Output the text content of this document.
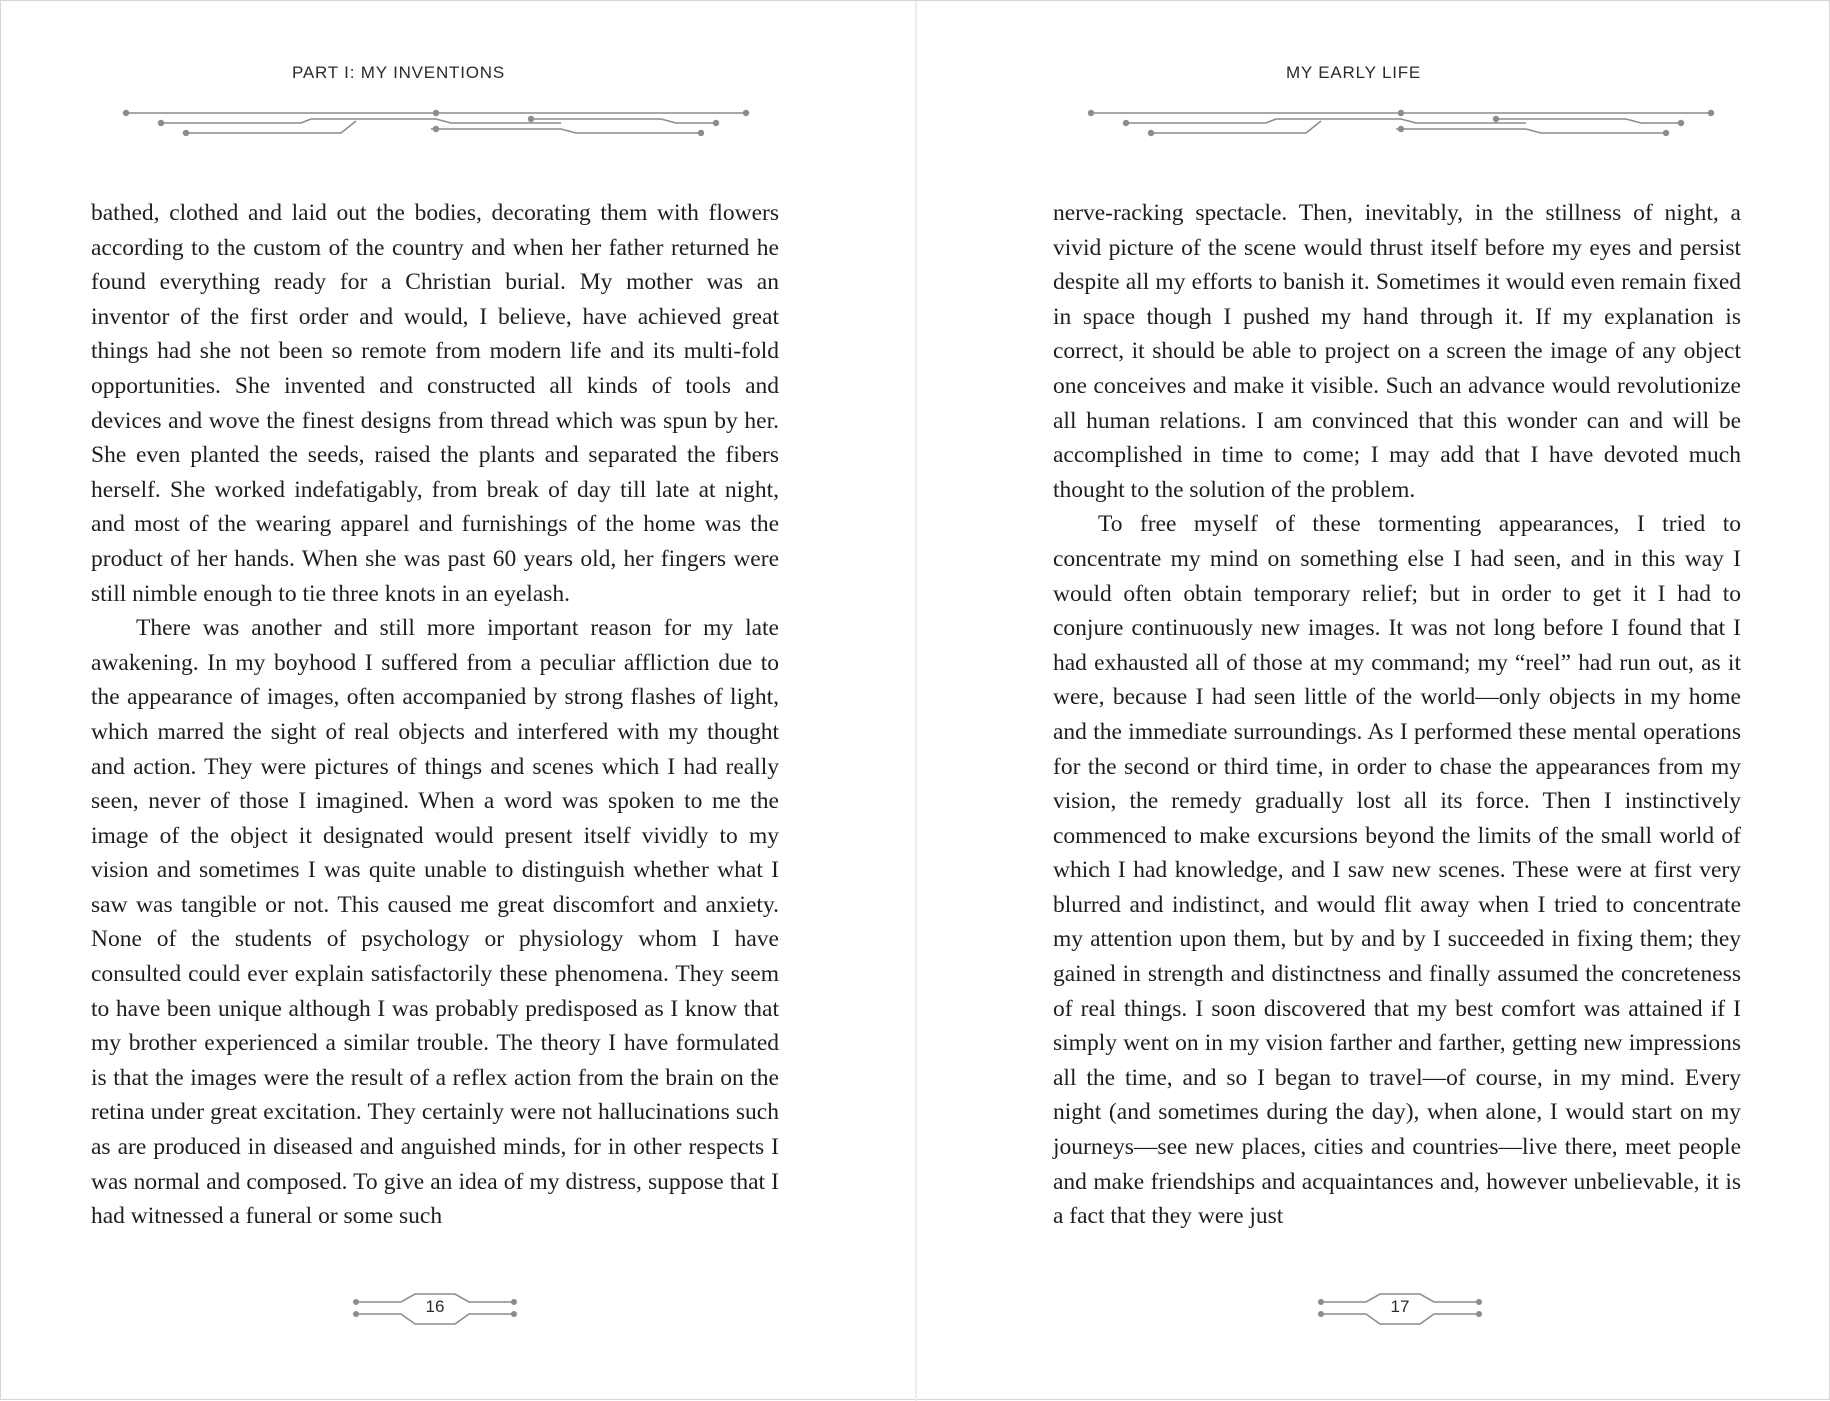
PART I: MY INVENTIONS

bathed, clothed and laid out the bodies, decorating them with flowers according to the custom of the country and when her father returned he found everything ready for a Christian burial. My mother was an inventor of the first order and would, I believe, have achieved great things had she not been so remote from modern life and its multi-fold opportunities. She invented and constructed all kinds of tools and devices and wove the finest designs from thread which was spun by her. She even planted the seeds, raised the plants and separated the fibers herself. She worked indefatigably, from break of day till late at night, and most of the wearing apparel and furnishings of the home was the product of her hands. When she was past 60 years old, her fingers were still nimble enough to tie three knots in an eyelash.

There was another and still more important reason for my late awakening. In my boyhood I suffered from a peculiar affliction due to the appearance of images, often accompanied by strong flashes of light, which marred the sight of real objects and interfered with my thought and action. They were pictures of things and scenes which I had really seen, never of those I imagined. When a word was spoken to me the image of the object it designated would present itself vividly to my vision and sometimes I was quite unable to distinguish whether what I saw was tangible or not. This caused me great discomfort and anxiety. None of the students of psychology or physiology whom I have consulted could ever explain satisfactorily these phenomena. They seem to have been unique although I was probably predisposed as I know that my brother experienced a similar trouble. The theory I have formulated is that the images were the result of a reflex action from the brain on the retina under great excitation. They certainly were not hallucinations such as are produced in diseased and anguished minds, for in other respects I was normal and composed. To give an idea of my distress, suppose that I had witnessed a funeral or some such

16
MY EARLY LIFE

nerve-racking spectacle. Then, inevitably, in the stillness of night, a vivid picture of the scene would thrust itself before my eyes and persist despite all my efforts to banish it. Sometimes it would even remain fixed in space though I pushed my hand through it. If my explanation is correct, it should be able to project on a screen the image of any object one conceives and make it visible. Such an advance would revolutionize all human relations. I am convinced that this wonder can and will be accomplished in time to come; I may add that I have devoted much thought to the solution of the problem.

To free myself of these tormenting appearances, I tried to concentrate my mind on something else I had seen, and in this way I would often obtain temporary relief; but in order to get it I had to conjure continuously new images. It was not long before I found that I had exhausted all of those at my command; my “reel” had run out, as it were, because I had seen little of the world—only objects in my home and the immediate surroundings. As I performed these mental operations for the second or third time, in order to chase the appearances from my vision, the remedy gradually lost all its force. Then I instinctively commenced to make excursions beyond the limits of the small world of which I had knowledge, and I saw new scenes. These were at first very blurred and indistinct, and would flit away when I tried to concentrate my attention upon them, but by and by I succeeded in fixing them; they gained in strength and distinctness and finally assumed the concreteness of real things. I soon discovered that my best comfort was attained if I simply went on in my vision farther and farther, getting new impressions all the time, and so I began to travel—of course, in my mind. Every night (and sometimes during the day), when alone, I would start on my journeys—see new places, cities and countries—live there, meet people and make friendships and acquaintances and, however unbelievable, it is a fact that they were just

17
